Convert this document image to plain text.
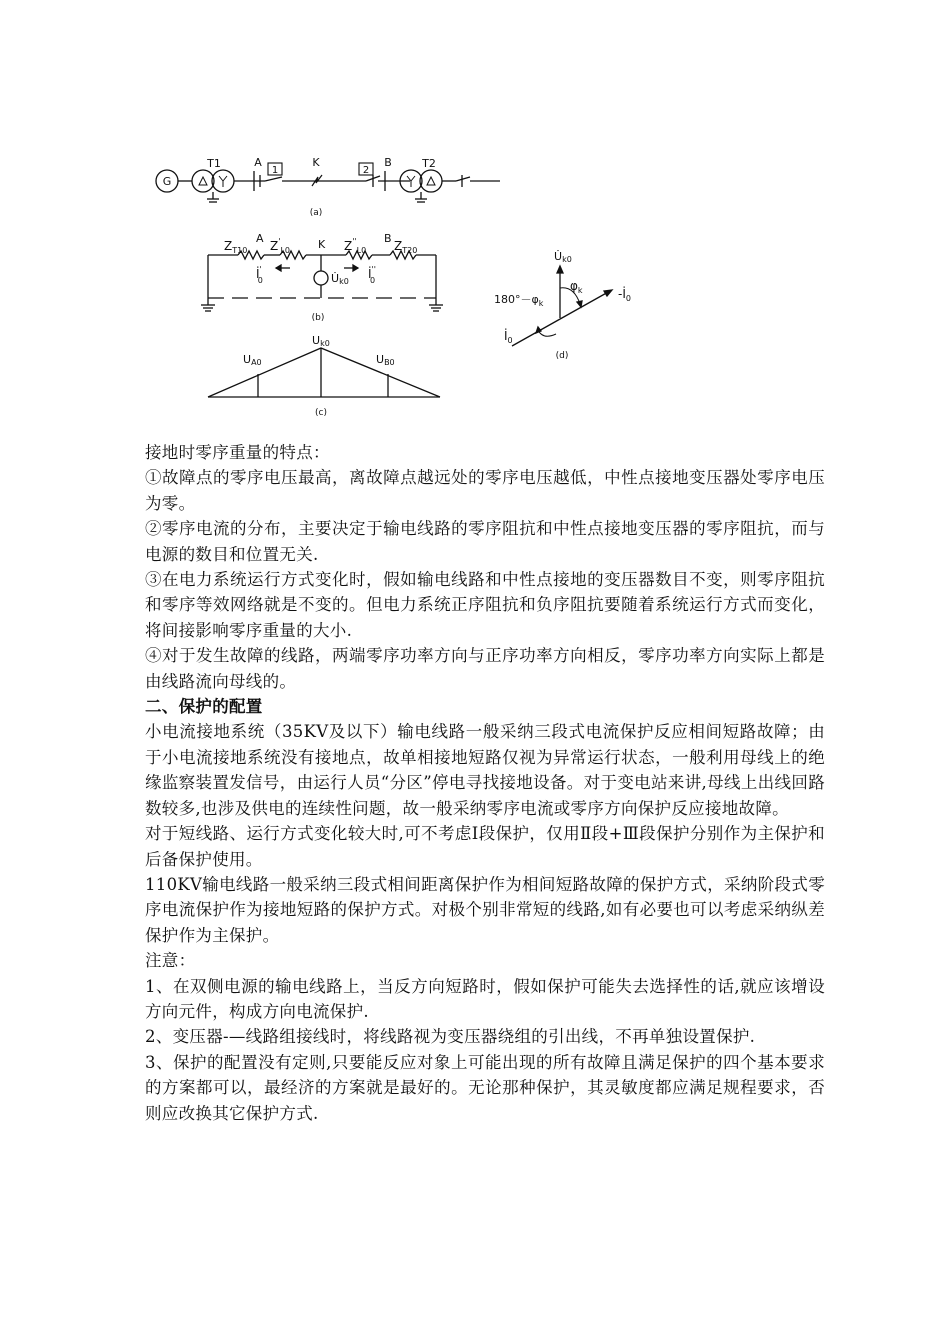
G
T1	A
1
K
2
B	T2
(a)
$Z_{T10}$
A
$Z'_{L0}$	K $Z''_{L0}$
B
$Z_{T20}$
İ' 0	U̇k0
İ'' 0
(b)
Uk0
UA0	UB0
(c)
U̇k0
$\varphi_k$
$180^\circ-\varphi_k$
$-İ_0$
$İ_0$
(d)

接地时零序重量的特点：

①故障点的零序电压最高，离故障点越远处的零序电压越低，中性点接地变压器处零序电压为零。

②零序电流的分布，主要决定于输电线路的零序阻抗和中性点接地变压器的零序阻抗，而与电源的数目和位置无关.

③在电力系统运行方式变化时，假如输电线路和中性点接地的变压器数目不变，则零序阻抗和零序等效网络就是不变的。但电力系统正序阻抗和负序阻抗要随着系统运行方式而变化，将间接影响零序重量的大小.

④对于发生故障的线路，两端零序功率方向与正序功率方向相反，零序功率方向实际上都是由线路流向母线的。

二、保护的配置

小电流接地系统（35KV及以下）输电线路一般采纳三段式电流保护反应相间短路故障；由于小电流接地系统没有接地点，故单相接地短路仅视为异常运行状态，一般利用母线上的绝缘监察装置发信号，由运行人员“分区”停电寻找接地设备。对于变电站来讲,母线上出线回路数较多,也涉及供电的连续性问题，故一般采纳零序电流或零序方向保护反应接地故障。

对于短线路、运行方式变化较大时,可不考虑Ⅰ段保护，仅用Ⅱ段+Ⅲ段保护分别作为主保护和后备保护使用。

110KV输电线路一般采纳三段式相间距离保护作为相间短路故障的保护方式，采纳阶段式零序电流保护作为接地短路的保护方式。对极个别非常短的线路,如有必要也可以考虑采纳纵差保护作为主保护。

注意：

1、在双侧电源的输电线路上，当反方向短路时，假如保护可能失去选择性的话,就应该增设方向元件，构成方向电流保护.

2、变压器-—线路组接线时，将线路视为变压器绕组的引出线，不再单独设置保护.

3、保护的配置没有定则,只要能反应对象上可能出现的所有故障且满足保护的四个基本要求的方案都可以，最经济的方案就是最好的。无论那种保护，其灵敏度都应满足规程要求，否则应改换其它保护方式.
